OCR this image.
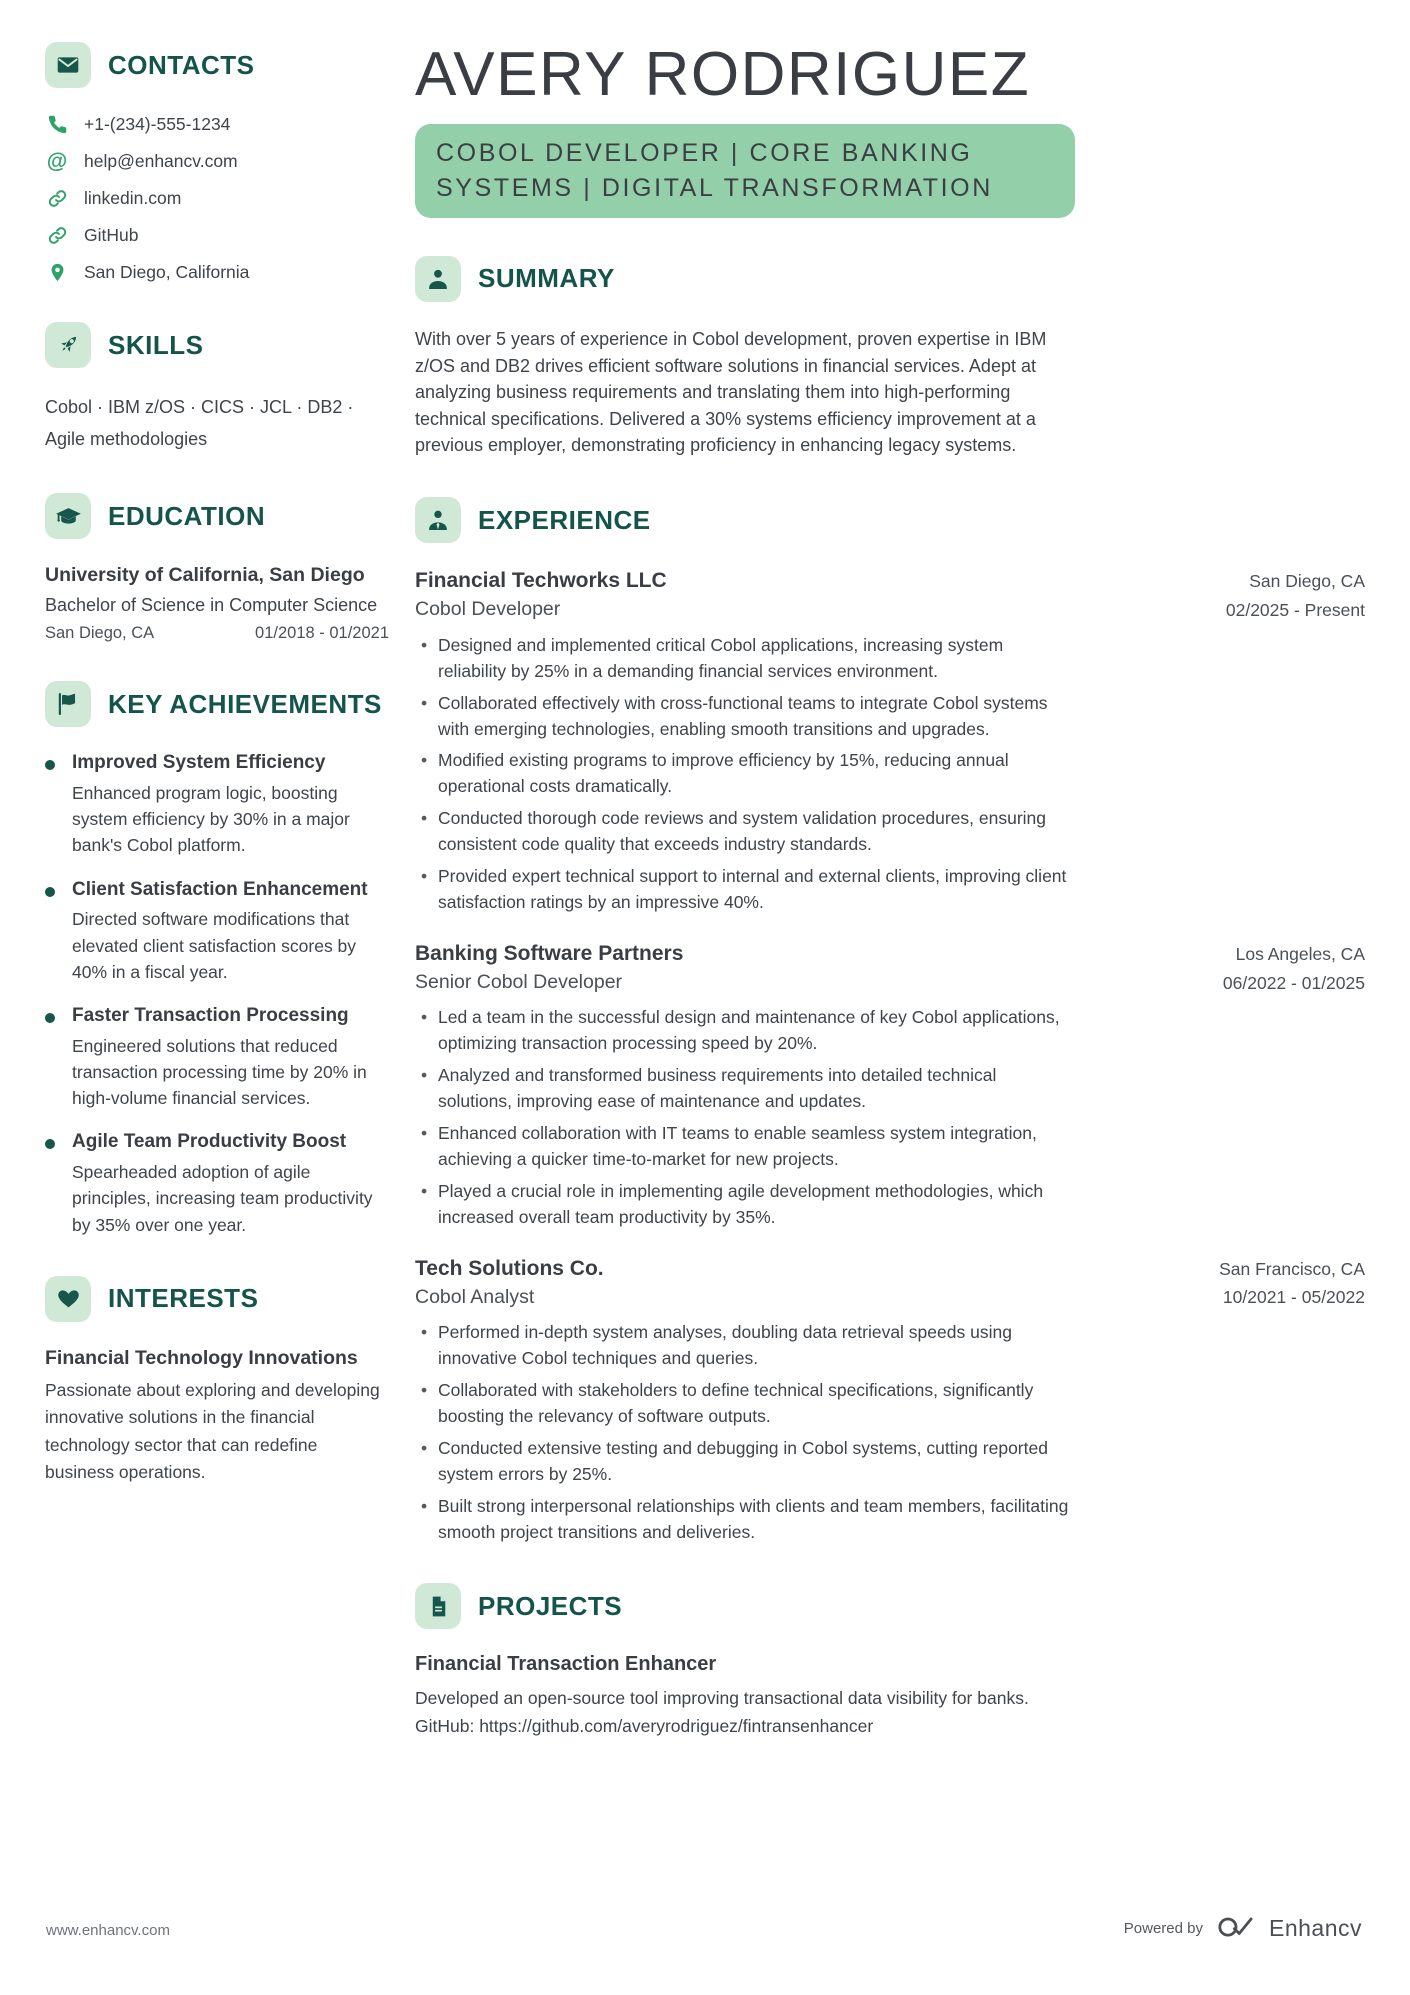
CONTACTS
+1-(234)-555-1234
@ help@enhancv.com
linkedin.com
GitHub
San Diego, California
SKILLS
Cobol · IBM z/OS · CICS · JCL · DB2 · Agile methodologies
EDUCATION
University of California, San Diego
Bachelor of Science in Computer Science
San Diego, CA	01/2018 - 01/2021
KEY ACHIEVEMENTS
Improved System Efficiency
Enhanced program logic, boosting system efficiency by 30% in a major bank's Cobol platform.
Client Satisfaction Enhancement
Directed software modifications that elevated client satisfaction scores by 40% in a fiscal year.
Faster Transaction Processing
Engineered solutions that reduced transaction processing time by 20% in high-volume financial services.
Agile Team Productivity Boost
Spearheaded adoption of agile principles, increasing team productivity by 35% over one year.
INTERESTS
Financial Technology Innovations
Passionate about exploring and developing innovative solutions in the financial technology sector that can redefine business operations.
AVERY RODRIGUEZ
COBOL DEVELOPER | CORE BANKING SYSTEMS | DIGITAL TRANSFORMATION
SUMMARY

With over 5 years of experience in Cobol development, proven expertise in IBM z/OS and DB2 drives efficient software solutions in financial services. Adept at analyzing business requirements and translating them into high-performing technical specifications. Delivered a 30% systems efficiency improvement at a previous employer, demonstrating proficiency in enhancing legacy systems.

EXPERIENCE
Financial Techworks LLC
Cobol Developer
San Diego, CA
02/2025 - Present
• Designed and implemented critical Cobol applications, increasing system reliability by 25% in a demanding financial services environment.
• Collaborated effectively with cross-functional teams to integrate Cobol systems with emerging technologies, enabling smooth transitions and upgrades.
• Modified existing programs to improve efficiency by 15%, reducing annual operational costs dramatically.
• Conducted thorough code reviews and system validation procedures, ensuring consistent code quality that exceeds industry standards.
• Provided expert technical support to internal and external clients, improving client satisfaction ratings by an impressive 40%.
Banking Software Partners
Senior Cobol Developer
Los Angeles, CA
06/2022 - 01/2025
• Led a team in the successful design and maintenance of key Cobol applications, optimizing transaction processing speed by 20%.
• Analyzed and transformed business requirements into detailed technical solutions, improving ease of maintenance and updates.
• Enhanced collaboration with IT teams to enable seamless system integration, achieving a quicker time-to-market for new projects.
• Played a crucial role in implementing agile development methodologies, which increased overall team productivity by 35%.
Tech Solutions Co.
Cobol Analyst
San Francisco, CA
10/2021 - 05/2022
• Performed in-depth system analyses, doubling data retrieval speeds using innovative Cobol techniques and queries.
• Collaborated with stakeholders to define technical specifications, significantly boosting the relevancy of software outputs.
• Conducted extensive testing and debugging in Cobol systems, cutting reported system errors by 25%.
• Built strong interpersonal relationships with clients and team members, facilitating smooth project transitions and deliveries.
PROJECTS
Financial Transaction Enhancer
Developed an open-source tool improving transactional data visibility for banks.
GitHub: https://github.com/averyrodriguez/fintransenhancer
www.enhancv.com	Powered by	Enhancv
